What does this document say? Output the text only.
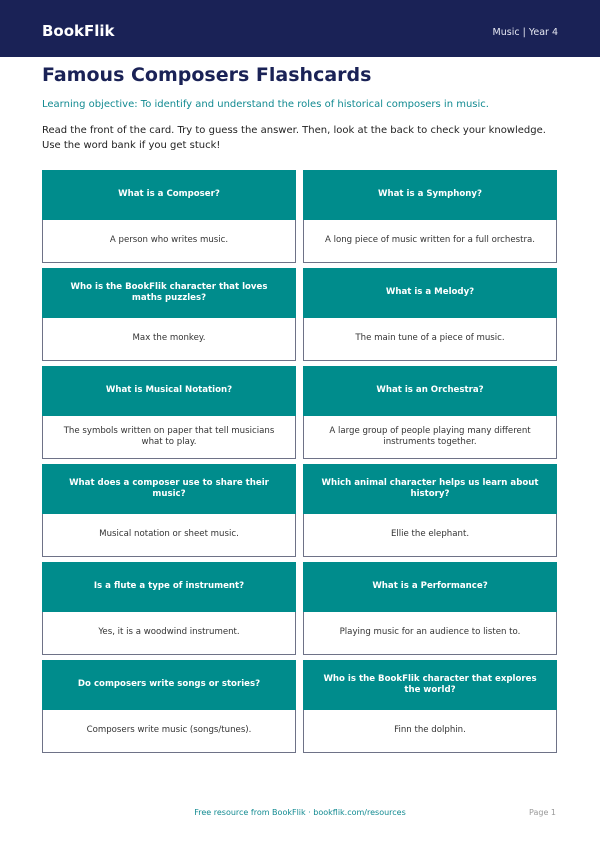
BookFlik	Music | Year 4
Famous Composers Flashcards
Learning objective: To identify and understand the roles of historical composers in music.
Read the front of the card. Try to guess the answer. Then, look at the back to check your knowledge. Use the word bank if you get stuck!
What is a Composer?
A person who writes music.
What is a Symphony?
A long piece of music written for a full orchestra.
Who is the BookFlik character that loves maths puzzles?
Max the monkey.
What is a Melody?
The main tune of a piece of music.
What is Musical Notation?
The symbols written on paper that tell musicians what to play.
What is an Orchestra?
A large group of people playing many different instruments together.
What does a composer use to share their music?
Musical notation or sheet music.
Which animal character helps us learn about history?
Ellie the elephant.
Is a flute a type of instrument?
Yes, it is a woodwind instrument.
What is a Performance?
Playing music for an audience to listen to.
Do composers write songs or stories?
Composers write music (songs/tunes).
Who is the BookFlik character that explores the world?
Finn the dolphin.
Free resource from BookFlik · bookflik.com/resources	Page 1
